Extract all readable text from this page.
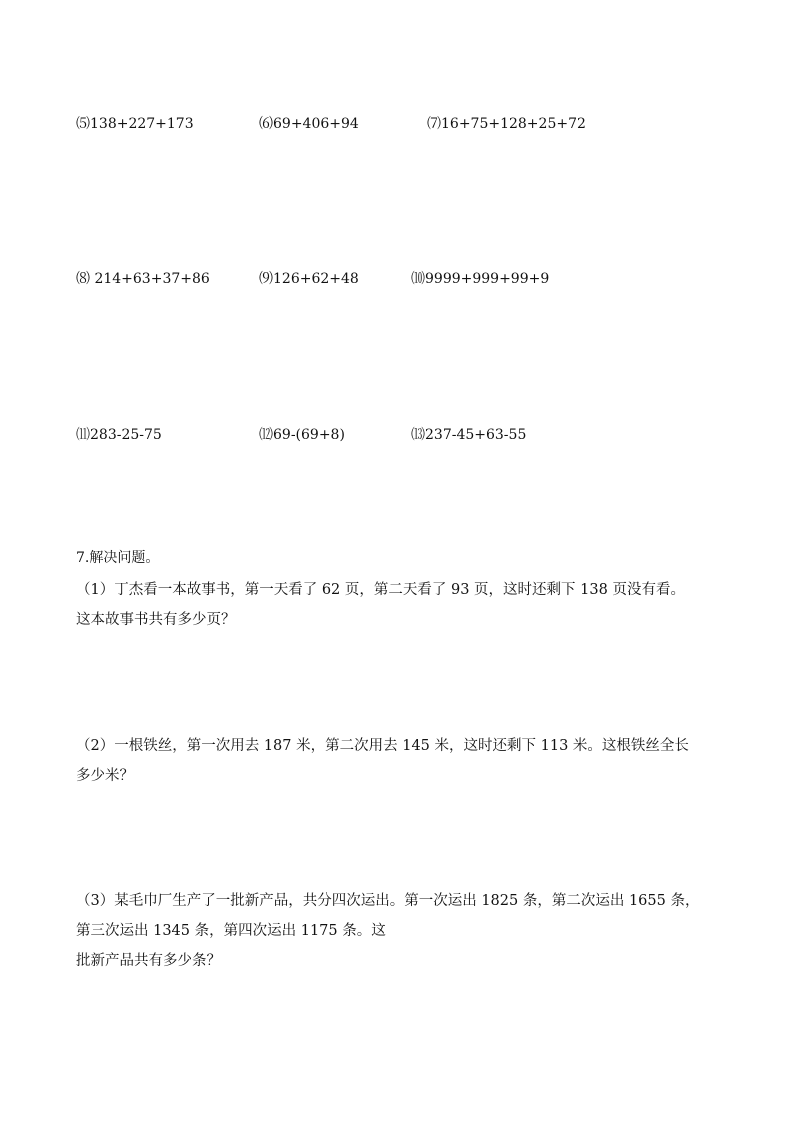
⑸138+227+173	⑹69+406+94	⑺16+75+128+25+72
⑻ 214+63+37+86	⑼126+62+48	⑽9999+999+99+9
⑾283-25-75	⑿69-(69+8)	⒀237-45+63-55
7.解决问题。
（1）丁杰看一本故事书，第一天看了 62 页，第二天看了 93 页，这时还剩下 138 页没有看。
这本故事书共有多少页？
（2）一根铁丝，第一次用去 187 米，第二次用去 145 米，这时还剩下 113 米。这根铁丝全长
多少米？
（3）某毛巾厂生产了一批新产品，共分四次运出。第一次运出 1825 条，第二次运出 1655 条，
第三次运出 1345 条，第四次运出 1175 条。这
批新产品共有多少条？
